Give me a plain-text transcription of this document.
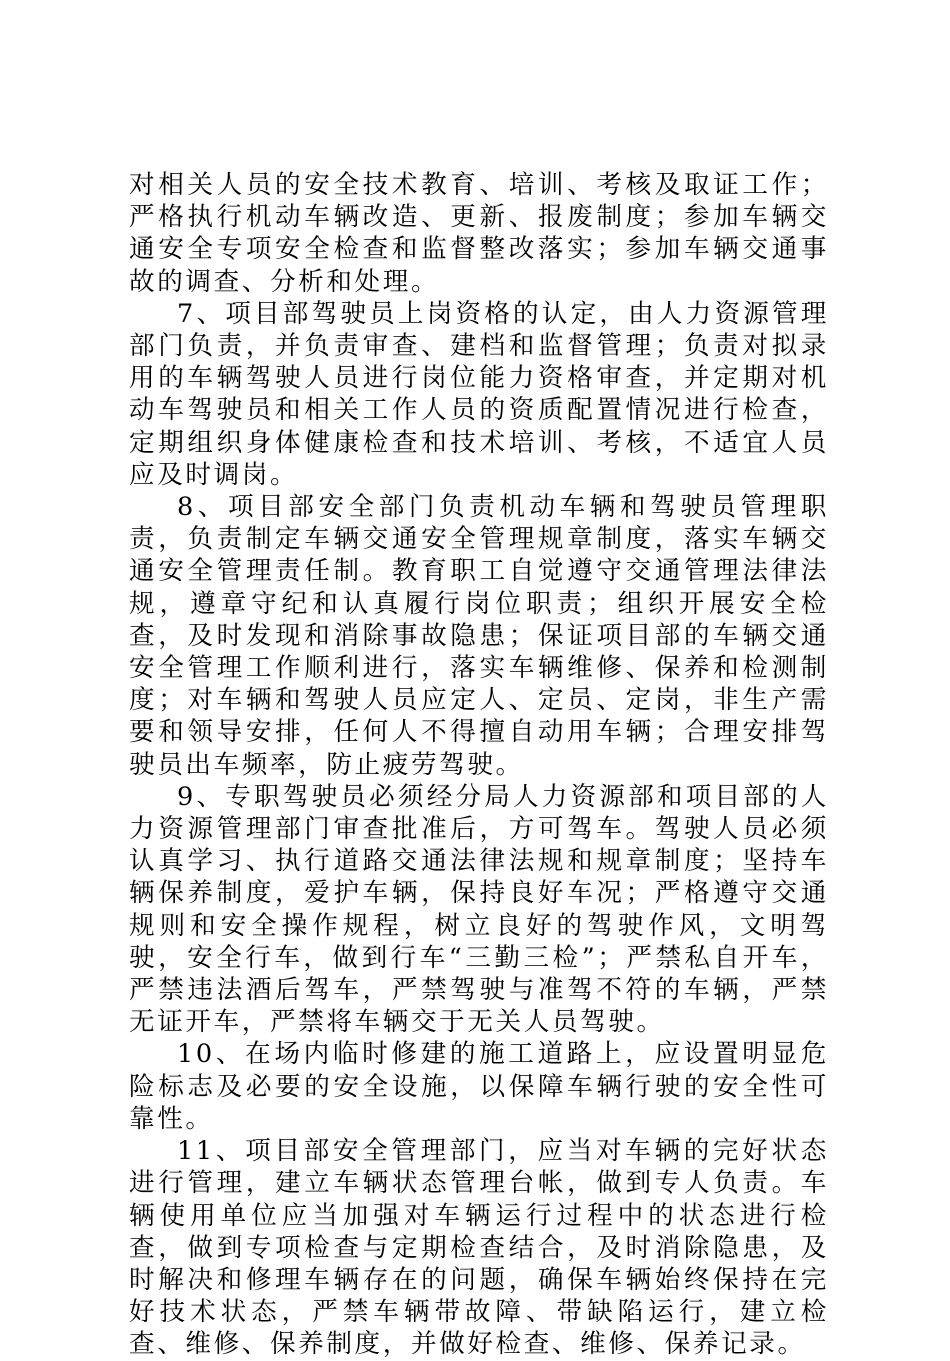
对相关人员的安全技术教育、培训、考核及取证工作；严格执行机动车辆改造、更新、报废制度；参加车辆交通安全专项安全检查和监督整改落实；参加车辆交通事故的调查、分析和处理。

7、项目部驾驶员上岗资格的认定，由人力资源管理部门负责，并负责审查、建档和监督管理；负责对拟录用的车辆驾驶人员进行岗位能力资格审查，并定期对机动车驾驶员和相关工作人员的资质配置情况进行检查，定期组织身体健康检查和技术培训、考核，不适宜人员应及时调岗。

8、项目部安全部门负责机动车辆和驾驶员管理职责，负责制定车辆交通安全管理规章制度，落实车辆交通安全管理责任制。教育职工自觉遵守交通管理法律法规，遵章守纪和认真履行岗位职责；组织开展安全检查，及时发现和消除事故隐患；保证项目部的车辆交通安全管理工作顺利进行，落实车辆维修、保养和检测制度；对车辆和驾驶人员应定人、定员、定岗，非生产需要和领导安排，任何人不得擅自动用车辆；合理安排驾驶员出车频率，防止疲劳驾驶。

9、专职驾驶员必须经分局人力资源部和项目部的人力资源管理部门审查批准后，方可驾车。驾驶人员必须认真学习、执行道路交通法律法规和规章制度；坚持车辆保养制度，爱护车辆，保持良好车况；严格遵守交通规则和安全操作规程，树立良好的驾驶作风，文明驾驶，安全行车，做到行车“三勤三检”；严禁私自开车，严禁违法酒后驾车，严禁驾驶与准驾不符的车辆，严禁无证开车，严禁将车辆交于无关人员驾驶。

10、在场内临时修建的施工道路上，应设置明显危险标志及必要的安全设施，以保障车辆行驶的安全性可靠性。

11、项目部安全管理部门，应当对车辆的完好状态进行管理，建立车辆状态管理台帐，做到专人负责。车辆使用单位应当加强对车辆运行过程中的状态进行检查，做到专项检查与定期检查结合，及时消除隐患，及时解决和修理车辆存在的问题，确保车辆始终保持在完好技术状态，严禁车辆带故障、带缺陷运行，建立检查、维修、保养制度，并做好检查、维修、保养记录。
